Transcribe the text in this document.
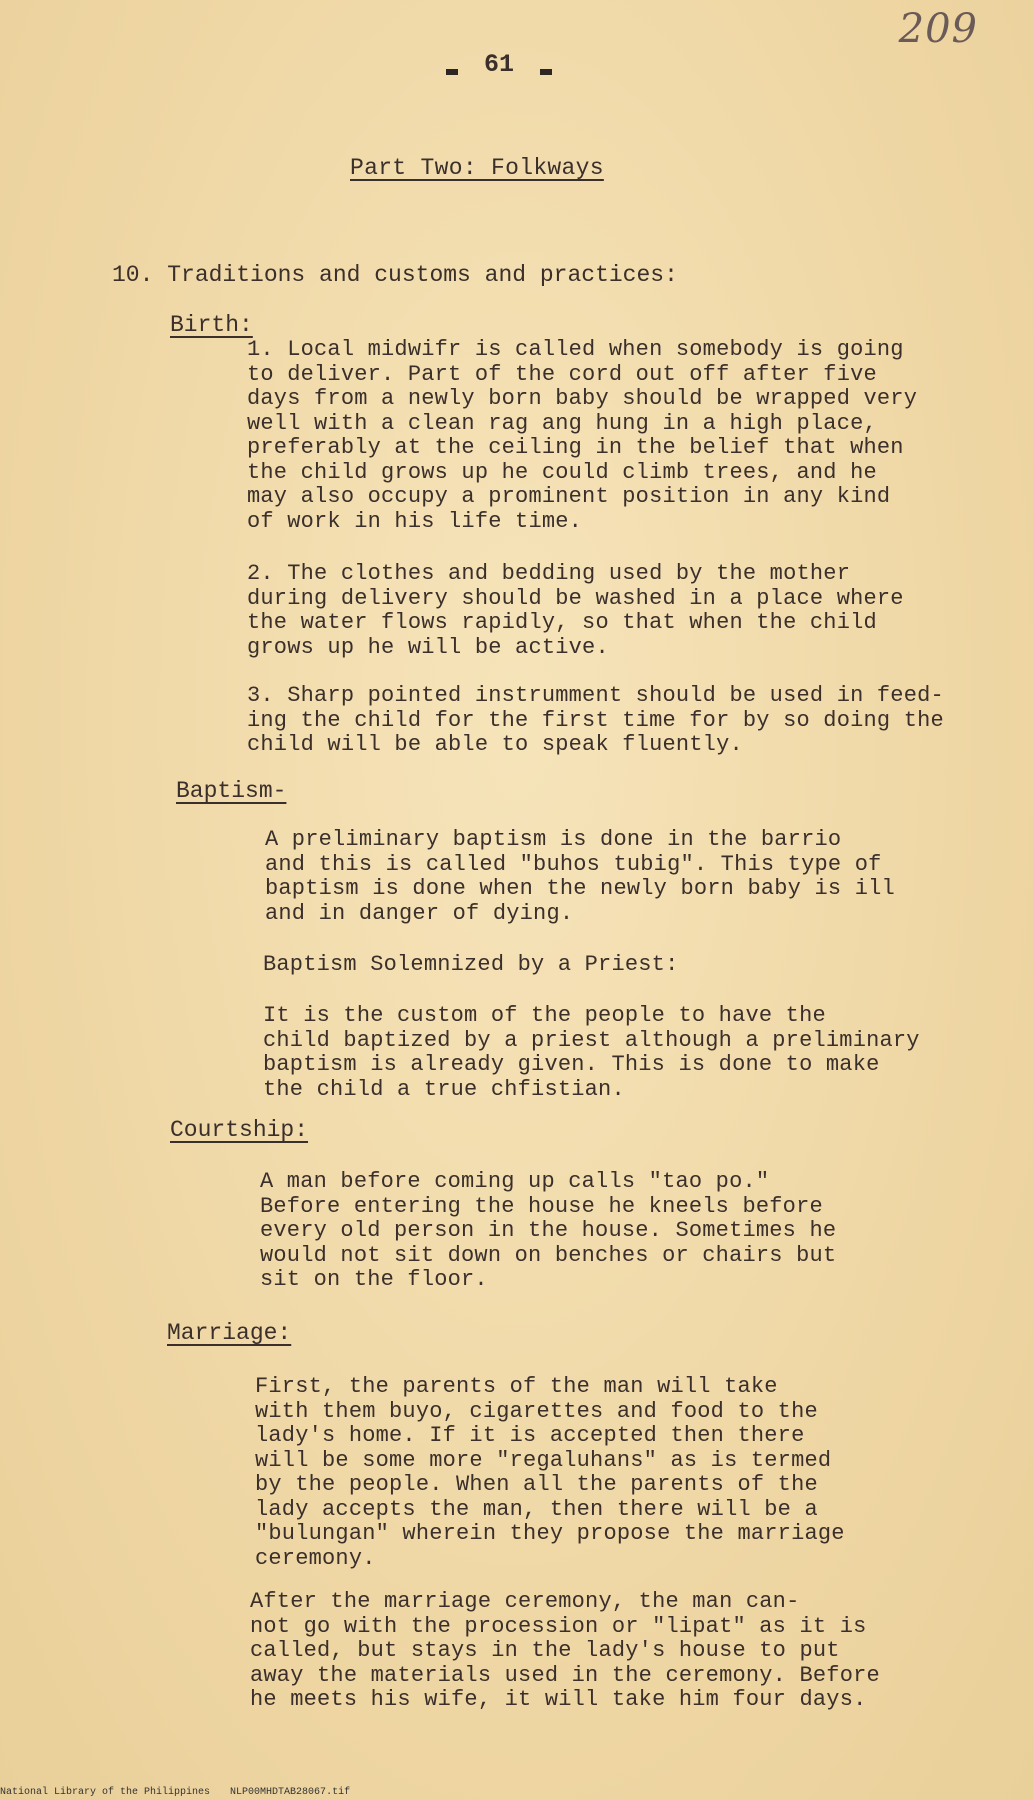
209
61
Part Two: Folkways
10. Traditions and customs and practices:
Birth:
1. Local midwifr is called when somebody is going
to deliver. Part of the cord out off after five
days from a newly born baby should be wrapped very
well with a clean rag ang hung in a high place,
preferably at the ceiling in the belief that when
the child grows up he could climb trees, and he
may also occupy a prominent position in any kind
of work in his life time.
2. The clothes and bedding used by the mother
during delivery should be washed in a place where
the water flows rapidly, so that when the child
grows up he will be active.
3. Sharp pointed instrumment should be used in feed-
ing the child for the first time for by so doing the
child will be able to speak fluently.
Baptism-
A preliminary baptism is done in the barrio
and this is called "buhos tubig". This type of
baptism is done when the newly born baby is ill
and in danger of dying.
Baptism Solemnized by a Priest:
It is the custom of the people to have the
child baptized by a priest although a preliminary
baptism is already given. This is done to make
the child a true chfistian.
Courtship:
A man before coming up calls "tao po."
Before entering the house he kneels before
every old person in the house. Sometimes he
would not sit down on benches or chairs but
sit on the floor.
Marriage:
First, the parents of the man will take
with them buyo, cigarettes and food to the
lady's home. If it is accepted then there
will be some more "regaluhans" as is termed
by the people. When all the parents of the
lady accepts the man, then there will be a
"bulungan" wherein they propose the marriage
ceremony.
After the marriage ceremony, the man can-
not go with the procession or "lipat" as it is
called, but stays in the lady's house to put
away the materials used in the ceremony. Before
he meets his wife, it will take him four days.
National Library of the Philippines NLP00MHDTAB28067.tif
